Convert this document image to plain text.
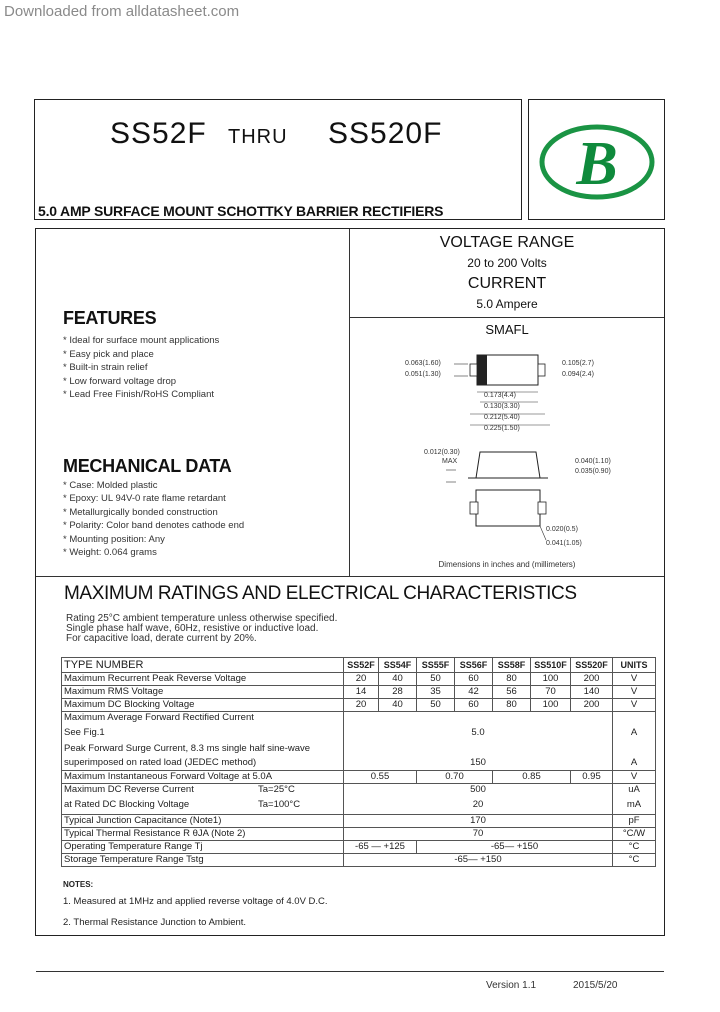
Downloaded from alldatasheet.com
SS52F THRU SS520F
5.0 AMP SURFACE MOUNT SCHOTTKY BARRIER RECTIFIERS
B
VOLTAGE RANGE
20 to 200 Volts
CURRENT
5.0 Ampere
SMAFL
0.063(1.60)
0.051(1.30)
0.105(2.7)
0.094(2.4)
0.173(4.4)
0.130(3.30)
0.212(5.40)
0.225(1.50)
0.012(0.30)
MAX	0.040(1.10)
0.035(0.90)
0.020(0.5)
0.041(1.05)
Dimensions in inches and (millimeters)
FEATURES
* Ideal for surface mount applications
* Easy pick and place
* Built-in strain relief
* Low forward voltage drop
* Lead Free Finish/RoHS Compliant
MECHANICAL DATA
* Case: Molded plastic
* Epoxy: UL 94V-0 rate flame retardant
* Metallurgically bonded construction
* Polarity: Color band denotes cathode end
* Mounting position: Any
* Weight: 0.064 grams
MAXIMUM RATINGS AND ELECTRICAL CHARACTERISTICS
Rating 25°C ambient temperature unless otherwise specified.
Single phase half wave, 60Hz, resistive or inductive load.
For capacitive load, derate current by 20%.
TYPE NUMBER	SS52F	SS54F	SS55F	SS56F	SS58F	SS510F	SS520F	UNITS
Maximum Recurrent Peak Reverse Voltage	20	40	50	60	80	100	200	V
Maximum RMS Voltage	14	28	35	42	56	70	140	V
Maximum DC Blocking Voltage	20	40	50	60	80	100	200	V
Maximum Average Forward Rectified Current								
See Fig.1	5.0							A
Peak Forward Surge Current, 8.3 ms single half sine-wave								
superimposed on rated load (JEDEC method)	150							A
Maximum Instantaneous Forward Voltage at 5.0A	0.55		0.70		0.85		0.95	V
Maximum DC Reverse Current Ta=25°C	500							uA
at Rated DC Blocking Voltage Ta=100°C	20							mA
Typical Junction Capacitance (Note1)	170							pF
Typical Thermal Resistance R θJA (Note 2)	70							°C/W
Operating Temperature Range Tj	-65 — +125		-65— +150					°C
Storage Temperature Range Tstg	-65— +150							°C
NOTES:
1. Measured at 1MHz and applied reverse voltage of 4.0V D.C.
2. Thermal Resistance Junction to Ambient.
Version 1.1	2015/5/20
